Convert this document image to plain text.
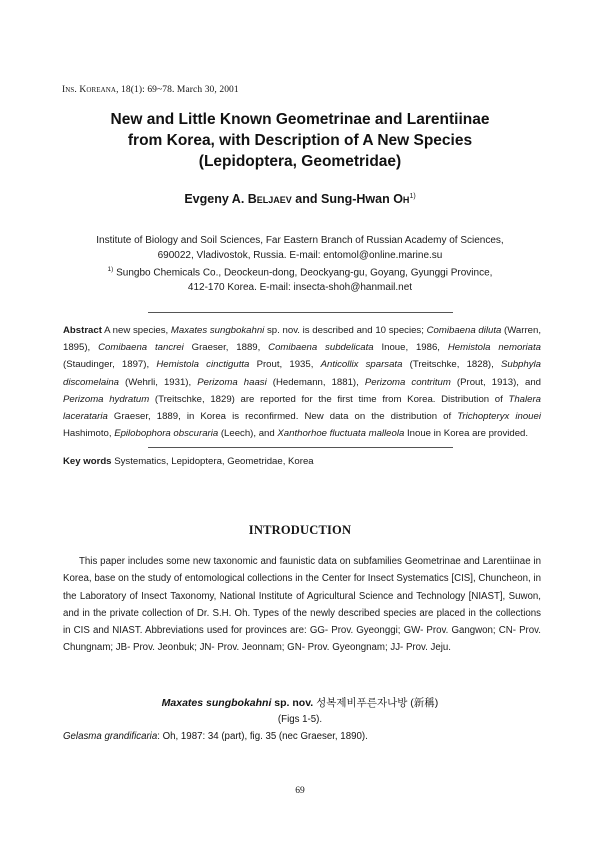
Ins. Koreana, 18(1): 69~78. March 30, 2001
New and Little Known Geometrinae and Larentiinae
from Korea, with Description of A New Species
(Lepidoptera, Geometridae)
Evgeny A. Beljaev and Sung-Hwan Oh$^{1)}$
Institute of Biology and Soil Sciences, Far Eastern Branch of Russian Academy of Sciences,
690022, Vladivostok, Russia. E-mail: entomol@online.marine.su
$^{1)}$ Sungbo Chemicals Co., Deockeun-dong, Deockyang-gu, Goyang, Gyunggi Province,
412-170 Korea. E-mail: insecta-shoh@hanmail.net
Abstract A new species, Maxates sungbokahni sp. nov. is described and 10 species; Comibaena diluta (Warren, 1895), Comibaena tancrei Graeser, 1889, Comibaena subdelicata Inoue, 1986, Hemistola nemoriata (Staudinger, 1897), Hemistola cinctigutta Prout, 1935, Anticollix sparsata (Treitschke, 1828), Subphyla discomelaina (Wehrli, 1931), Perizoma haasi (Hedemann, 1881), Perizoma contritum (Prout, 1913), and Perizoma hydratum (Treitschke, 1829) are reported for the first time from Korea. Distribution of Thalera lacerataria Graeser, 1889, in Korea is reconfirmed. New data on the distribution of Trichopteryx inouei Hashimoto, Epilobophora obscuraria (Leech), and Xanthorhoe fluctuata malleola Inoue in Korea are provided.
Key words Systematics, Lepidoptera, Geometridae, Korea
INTRODUCTION
This paper includes some new taxonomic and faunistic data on subfamilies Geometrinae and Larentiinae in Korea, base on the study of entomological collections in the Center for Insect Systematics [CIS], Chuncheon, in the Laboratory of Insect Taxonomy, National Institute of Agricultural Science and Technology [NIAST], Suwon, and in the private collection of Dr. S.H. Oh. Types of the newly described species are placed in the collections in CIS and NIAST. Abbreviations used for provinces are: GG- Prov. Gyeonggi; GW- Prov. Gangwon; CN- Prov. Chungnam; JB- Prov. Jeonbuk; JN- Prov. Jeonnam; GN- Prov. Gyeongnam; JJ- Prov. Jeju.
Maxates sungbokahni sp. nov. 성복제비푸른자나방 (新稱)
(Figs 1-5).
Gelasma grandificaria: Oh, 1987: 34 (part), fig. 35 (nec Graeser, 1890).
69
